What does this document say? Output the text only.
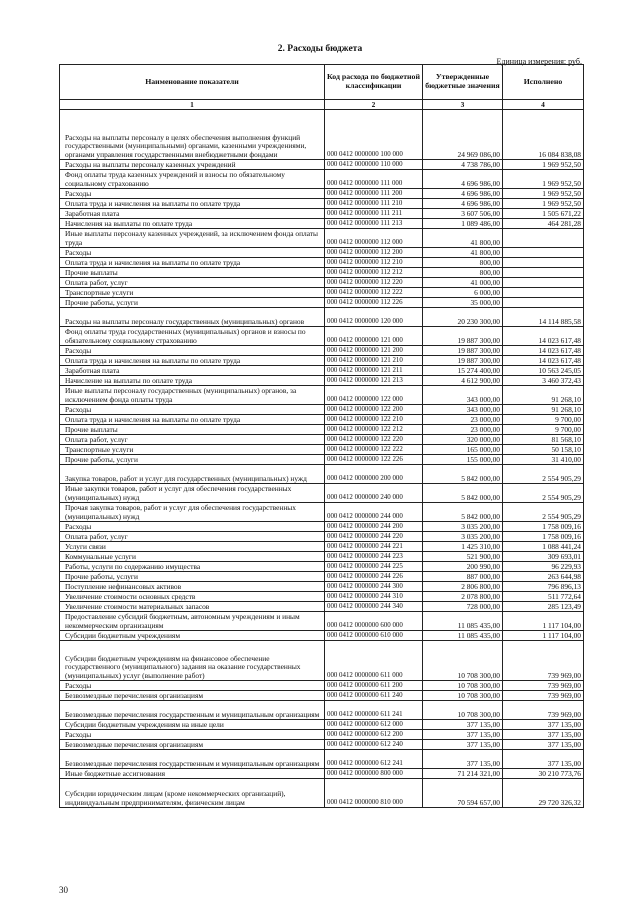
2. Расходы бюджета
Единица измерения: руб.
Наименование показатели	Код расхода по бюджетной классификации	Утвержденные бюджетные значения	Исполнено
1	2	3	4
Расходы на выплаты персоналу в целях обеспечения выполнения функций государственными (муниципальными) органами, казенными учреждениями, органами управления государственными внебюджетными фондами	000 0412 0000000 100 000	24 969 086,00	16 084 838,08
Расходы на выплаты персоналу казенных учреждений	000 0412 0000000 110 000	4 738 786,00	1 969 952,50
Фонд оплаты труда казенных учреждений и взносы по обязательному социальному страхованию	000 0412 0000000 111 000	4 696 986,00	1 969 952,50
Расходы	000 0412 0000000 111 200	4 696 986,00	1 969 952,50
Оплата труда и начисления на выплаты по оплате труда	000 0412 0000000 111 210	4 696 986,00	1 969 952,50
Заработная плата	000 0412 0000000 111 211	3 607 506,00	1 505 671,22
Начисления на выплаты по оплате труда	000 0412 0000000 111 213	1 089 486,00	464 281,28
Иные выплаты персоналу казенных учреждений, за исключением фонда оплаты труда	000 0412 0000000 112 000	41 800,00	
Расходы	000 0412 0000000 112 200	41 800,00	
Оплата труда и начисления на выплаты по оплате труда	000 0412 0000000 112 210	800,00	
Прочие выплаты	000 0412 0000000 112 212	800,00	
Оплата работ, услуг	000 0412 0000000 112 220	41 000,00	
Транспортные услуги	000 0412 0000000 112 222	6 000,00	
Прочие работы, услуги	000 0412 0000000 112 226	35 000,00	
Расходы на выплаты персоналу государственных (муниципальных) органов	000 0412 0000000 120 000	20 230 300,00	14 114 885,58
Фонд оплаты труда государственных (муниципальных) органов и взносы по обязательному социальному страхованию	000 0412 0000000 121 000	19 887 300,00	14 023 617,48
Расходы	000 0412 0000000 121 200	19 887 300,00	14 023 617,48
Оплата труда и начисления на выплаты по оплате труда	000 0412 0000000 121 210	19 887 300,00	14 023 617,48
Заработная плата	000 0412 0000000 121 211	15 274 400,00	10 563 245,05
Начисление на выплаты по оплате труда	000 0412 0000000 121 213	4 612 900,00	3 460 372,43
Иные выплаты персоналу государственных (муниципальных) органов, за исключением фонда оплаты труда	000 0412 0000000 122 000	343 000,00	91 268,10
Расходы	000 0412 0000000 122 200	343 000,00	91 268,10
Оплата труда и начисления на выплаты по оплате труда	000 0412 0000000 122 210	23 000,00	9 700,00
Прочие выплаты	000 0412 0000000 122 212	23 000,00	9 700,00
Оплата работ, услуг	000 0412 0000000 122 220	320 000,00	81 568,10
Транспортные услуги	000 0412 0000000 122 222	165 000,00	50 158,10
Прочие работы, услуги	000 0412 0000000 122 226	155 000,00	31 410,00
Закупка товаров, работ и услуг для государственных (муниципальных) нужд	000 0412 0000000 200 000	5 842 000,00	2 554 905,29
Иные закупки товаров, работ и услуг для обеспечения государственных (муниципальных) нужд	000 0412 0000000 240 000	5 842 000,00	2 554 905,29
Прочая закупка товаров, работ и услуг для обеспечения государственных (муниципальных) нужд	000 0412 0000000 244 000	5 842 000,00	2 554 905,29
Расходы	000 0412 0000000 244 200	3 035 200,00	1 758 009,16
Оплата работ, услуг	000 0412 0000000 244 220	3 035 200,00	1 758 009,16
Услуги связи	000 0412 0000000 244 221	1 425 310,00	1 088 441,24
Коммунальные услуги	000 0412 0000000 244 223	521 900,00	309 693,01
Работы, услуги по содержанию имущества	000 0412 0000000 244 225	200 990,00	96 229,93
Прочие работы, услуги	000 0412 0000000 244 226	887 000,00	263 644,98
Поступление нефинансовых активов	000 0412 0000000 244 300	2 806 800,00	796 896,13
Увеличение стоимости основных средств	000 0412 0000000 244 310	2 078 800,00	511 772,64
Увеличение стоимости материальных запасов	000 0412 0000000 244 340	728 000,00	285 123,49
Предоставление субсидий бюджетным, автономным учреждениям и иным некоммерческим организациям	000 0412 0000000 600 000	11 085 435,00	1 117 104,00
Субсидии бюджетным учреждениям	000 0412 0000000 610 000	11 085 435,00	1 117 104,00
Субсидии бюджетным учреждениям на финансовое обеспечение государственного (муниципального) задания на оказание государственных (муниципальных) услуг (выполнение работ)	000 0412 0000000 611 000	10 708 300,00	739 969,00
Расходы	000 0412 0000000 611 200	10 708 300,00	739 969,00
Безвозмездные перечисления организациям	000 0412 0000000 611 240	10 708 300,00	739 969,00
Безвозмездные перечисления государственным и муниципальным организациям	000 0412 0000000 611 241	10 708 300,00	739 969,00
Субсидии бюджетным учреждениям на иные цели	000 0412 0000000 612 000	377 135,00	377 135,00
Расходы	000 0412 0000000 612 200	377 135,00	377 135,00
Безвозмездные перечисления организациям	000 0412 0000000 612 240	377 135,00	377 135,00
Безвозмездные перечисления государственным и муниципальным организациям	000 0412 0000000 612 241	377 135,00	377 135,00
Иные бюджетные ассигнования	000 0412 0000000 800 000	71 214 321,00	30 210 773,76
Субсидии юридическим лицам (кроме некоммерческих организаций), индивидуальным предпринимателям, физическим лицам	000 0412 0000000 810 000	70 594 657,00	29 720 326,32
30
